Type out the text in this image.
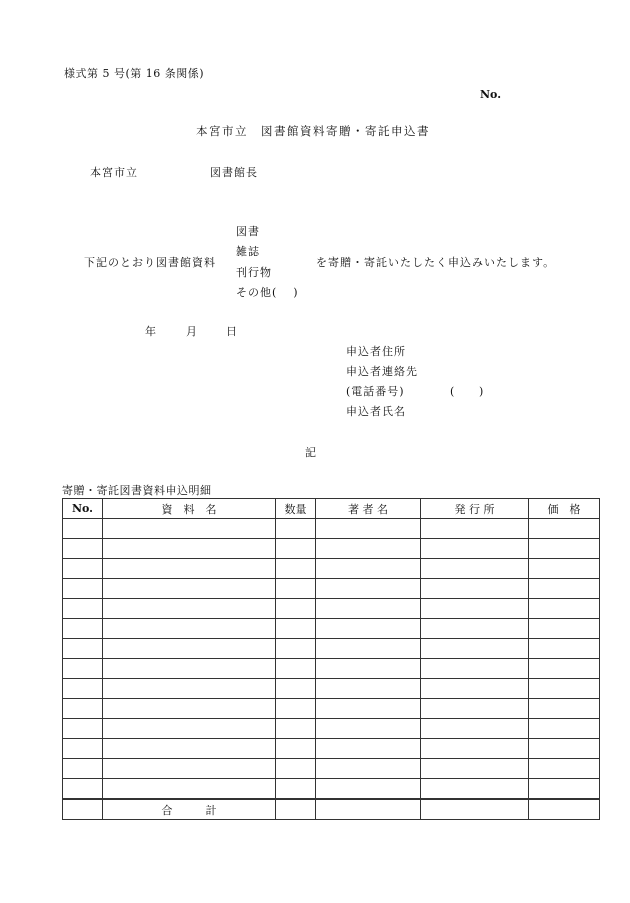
様式第 5 号(第 16 条関係)
No.
本宮市立　図書館資料寄贈・寄託申込書
本宮市立	図書館長
下記のとおり図書館資料
図書
雑誌
刊行物
その他( )
を寄贈・寄託いたしたく申込みいたします。
年	月	日
申込者住所
申込者連絡先
(電話番号)	( )
申込者氏名
記
寄贈・寄託図書資料申込明細
No.	資　料　名	数量	著 者 名	発 行 所	価　格

	合　　　計				
